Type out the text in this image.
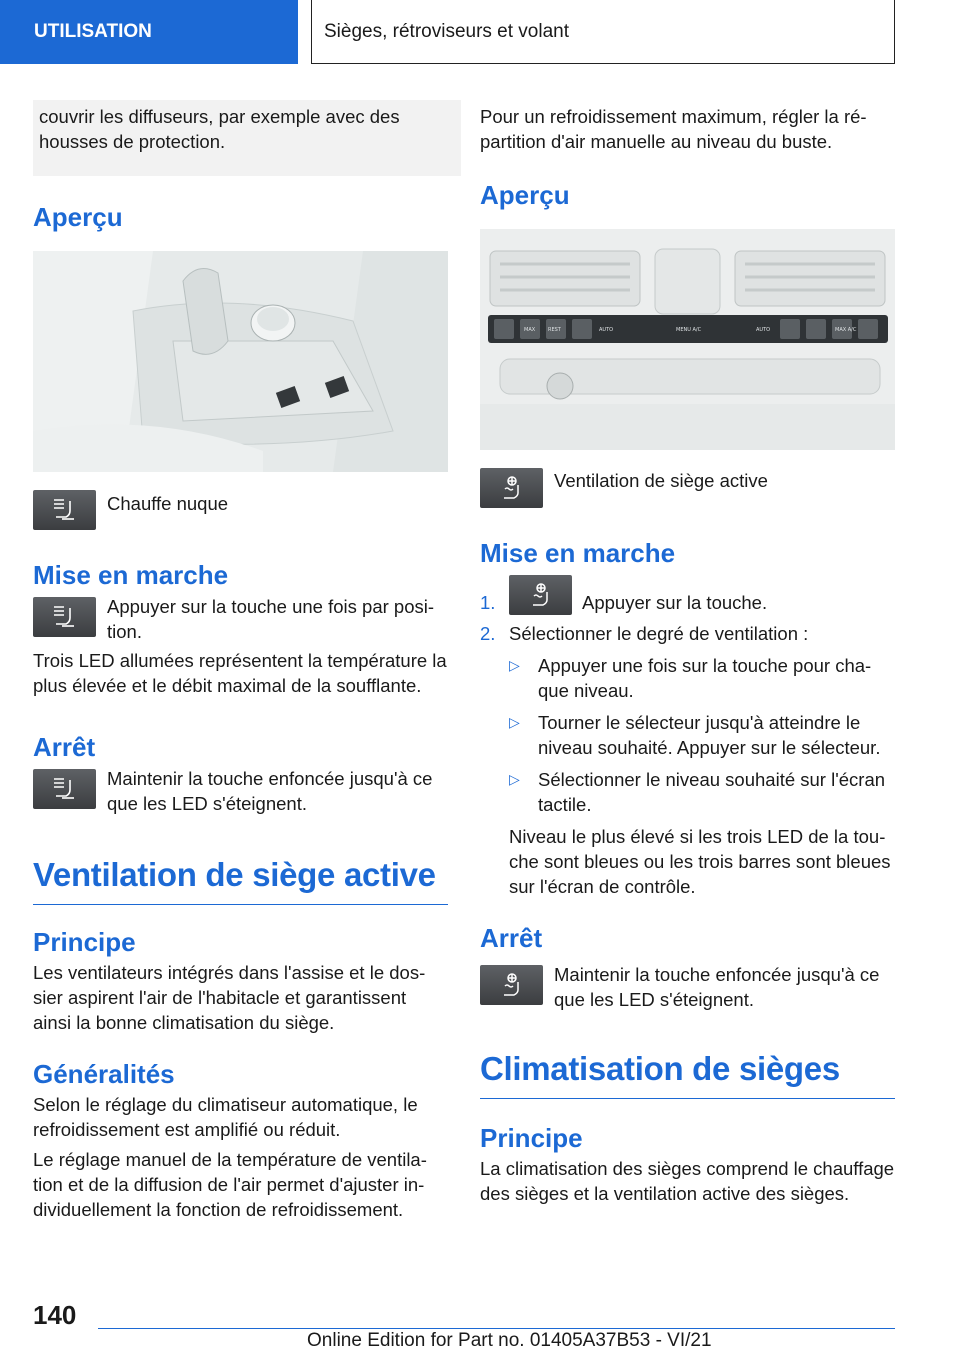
UTILISATION	Sièges, rétroviseurs et volant

couvrir les diffuseurs, par exemple avec des housses de protection.

Aperçu

Chauffe nuque

Mise en marche

Appuyer sur la touche une fois par position.

Trois LED allumées représentent la température la plus élevée et le débit maximal de la soufflante.

Arrêt

Maintenir la touche enfoncée jusqu'à ce que les LED s'éteignent.

Ventilation de siège active
Principe

Les ventilateurs intégrés dans l'assise et le dossier aspirent l'air de l'habitacle et garantissent ainsi la bonne climatisation du siège.

Généralités

Selon le réglage du climatiseur automatique, le refroidissement est amplifié ou réduit.

Le réglage manuel de la température de ventilation et de la diffusion de l'air permet d'ajuster individuellement la fonction de refroidissement.

Pour un refroidissement maximum, régler la répartition d'air manuelle au niveau du buste.

Aperçu
MAX	REST	AUTO	MENU A/C	AUTO	MAX A/C

Ventilation de siège active

Mise en marche
1.	Appuyer sur la touche.
2. Sélectionner le degré de ventilation :
▷ Appuyer une fois sur la touche pour chaque niveau.
▷ Tourner le sélecteur jusqu'à atteindre le niveau souhaité. Appuyer sur le sélecteur.
▷ Sélectionner le niveau souhaité sur l'écran tactile.

Niveau le plus élevé si les trois LED de la touche sont bleues ou les trois barres sont bleues sur l'écran de contrôle.

Arrêt

Maintenir la touche enfoncée jusqu'à ce que les LED s'éteignent.

Climatisation de sièges
Principe

La climatisation des sièges comprend le chauffage des sièges et la ventilation active des sièges.

140
Online Edition for Part no. 01405A37B53 - VI/21
